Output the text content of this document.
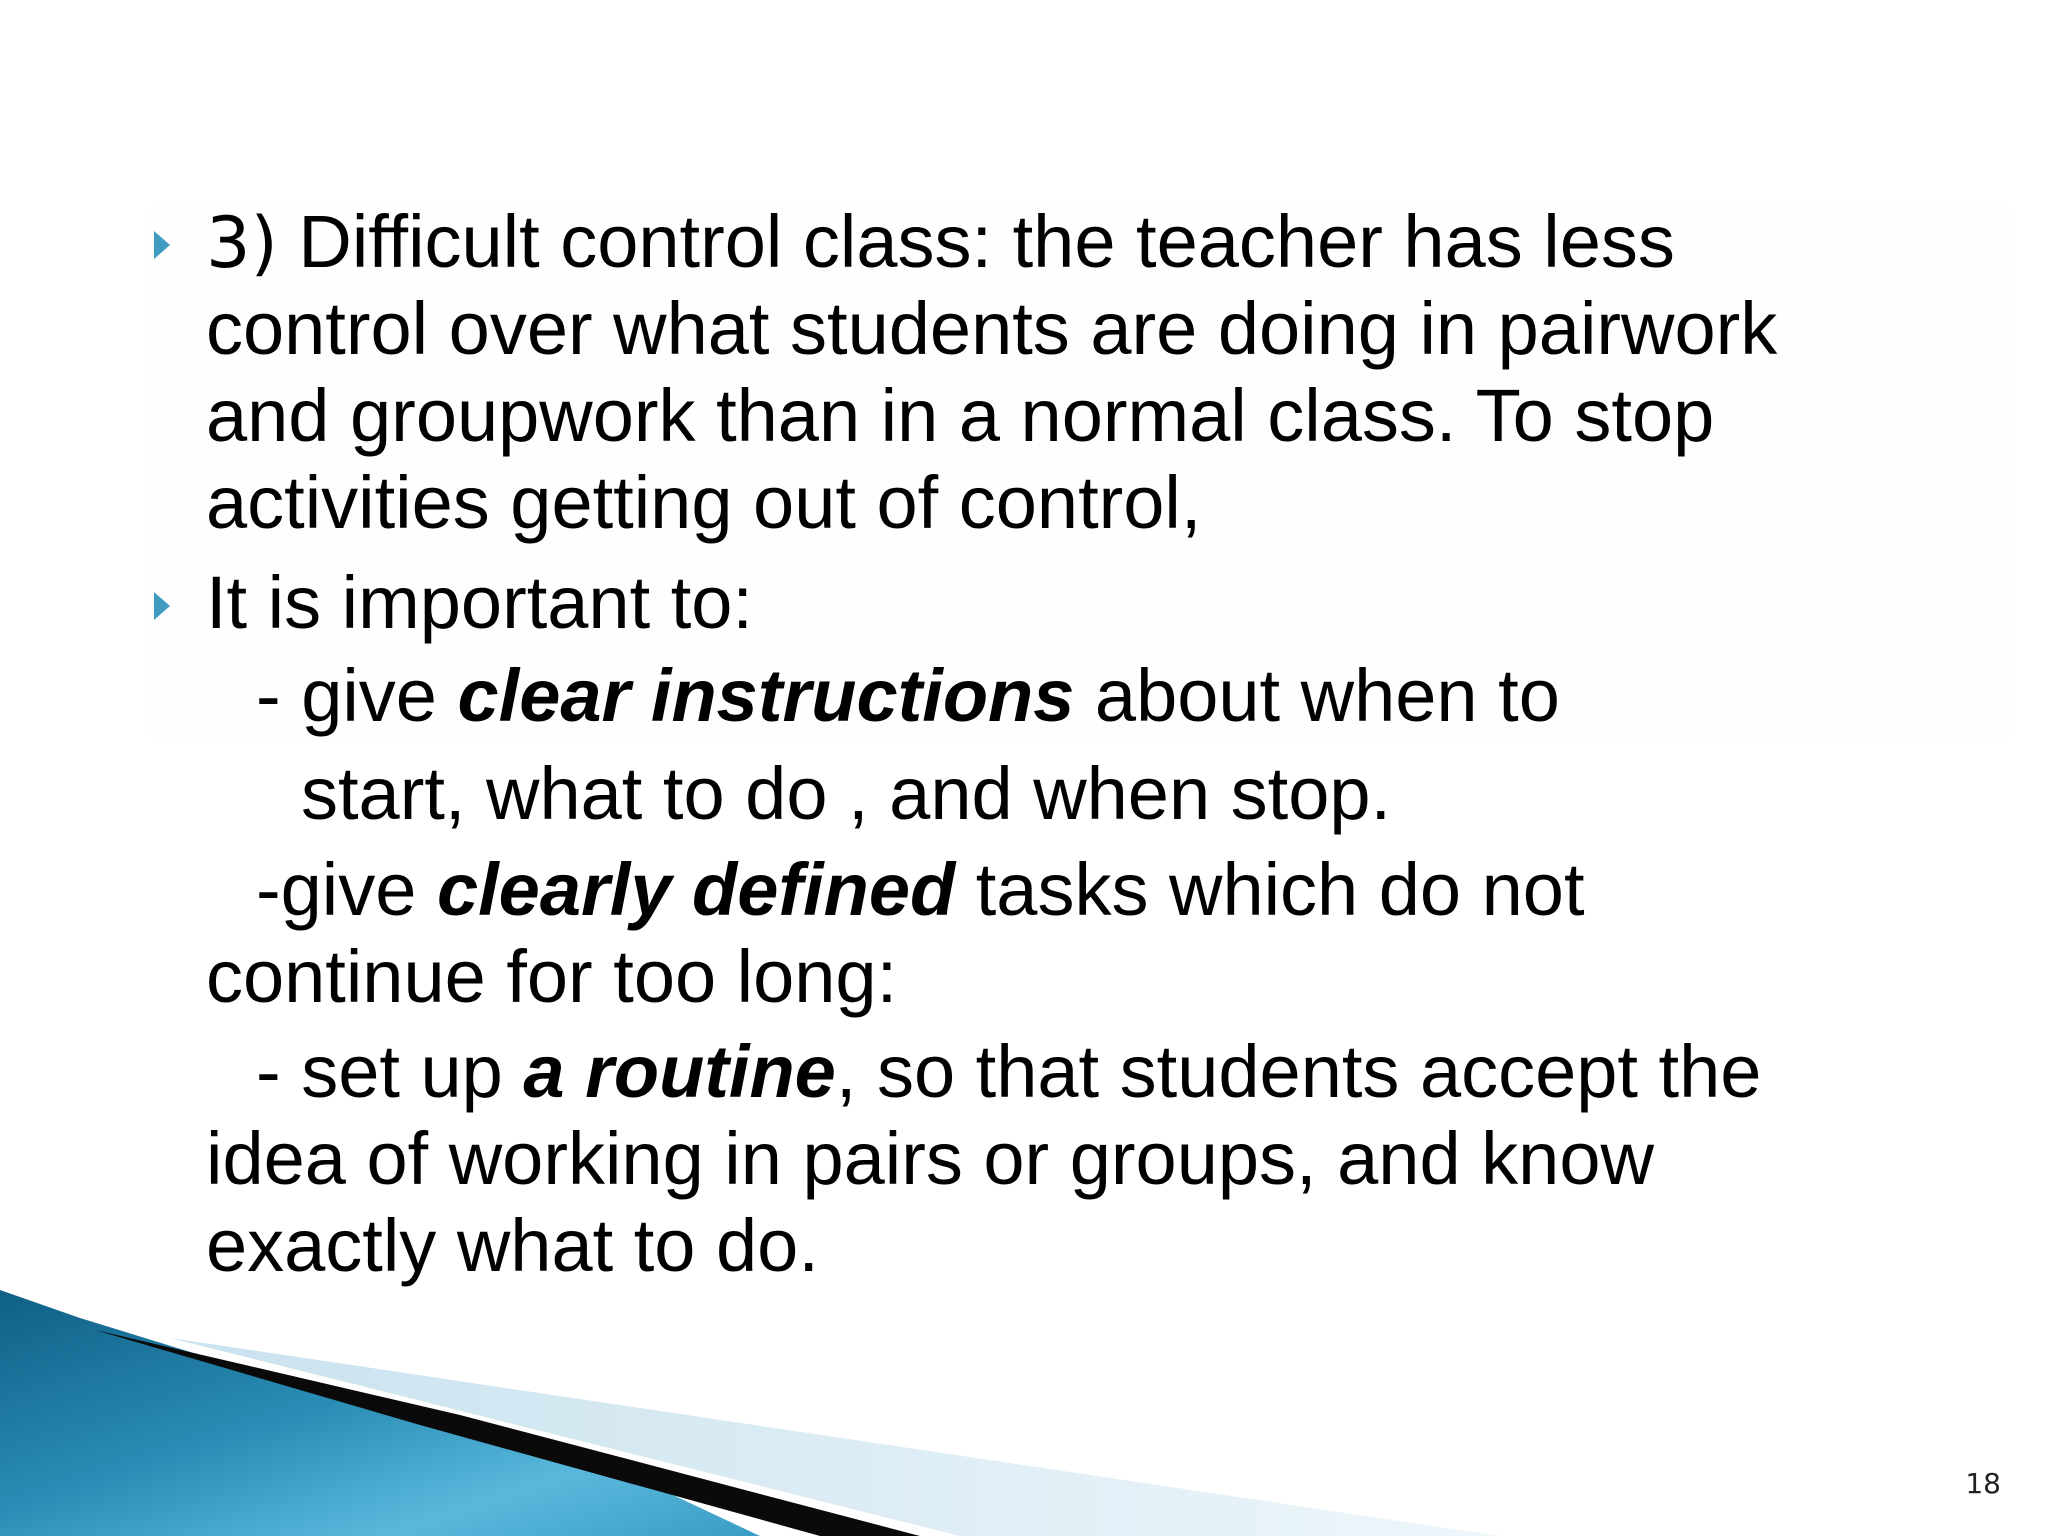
3) Difficult control class: the teacher has less
control over what students are doing in pairwork
and groupwork than in a normal class. To stop
activities getting out of control,
It is important to:
- give clear instructions about when to
start, what to do , and when stop.
-give clearly defined tasks which do not
continue for too long:
- set up a routine, so that students accept the
idea of working in pairs or groups, and know
exactly what to do.
18
